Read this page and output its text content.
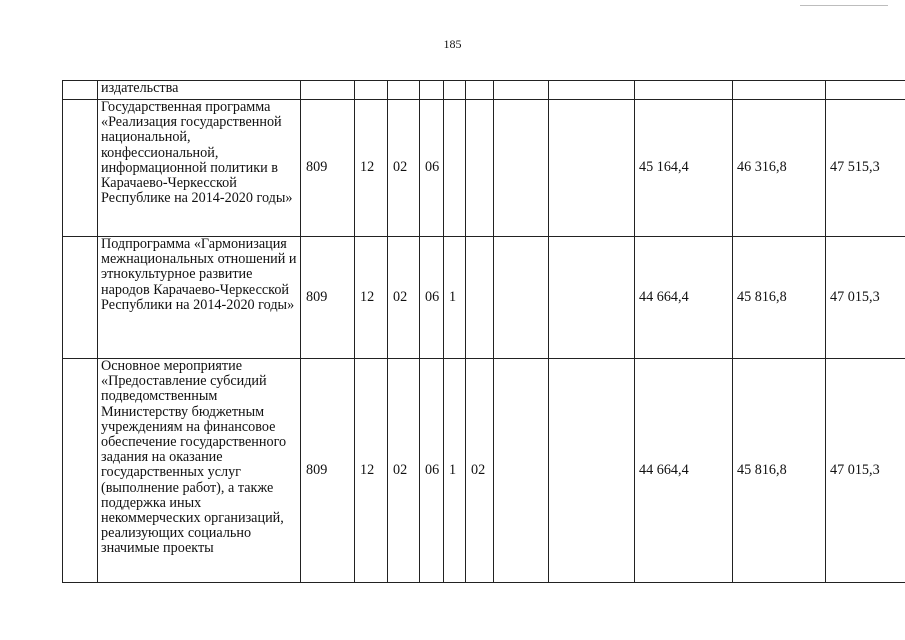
185
	издательства											
	Государственная программа «Реализация государственной национальной, конфессиональной, информационной политики в Карачаево-Черкесской Республике на 2014-2020 годы»	809	12	02	06					45 164,4	46 316,8	47 515,3
	Подпрограмма «Гармонизация межнациональных отношений и этнокультурное развитие народов Карачаево-Черкесской Республики на 2014-2020 годы»	809	12	02	06	1				44 664,4	45 816,8	47 015,3
	Основное мероприятие «Предоставление субсидий подведомственным Министерству бюджетным учреждениям на финансовое обеспечение государственного задания на оказание государственных услуг (выполнение работ), а также поддержка иных некоммерческих организаций, реализующих социально значимые проекты	809	12	02	06	1	02			44 664,4	45 816,8	47 015,3
